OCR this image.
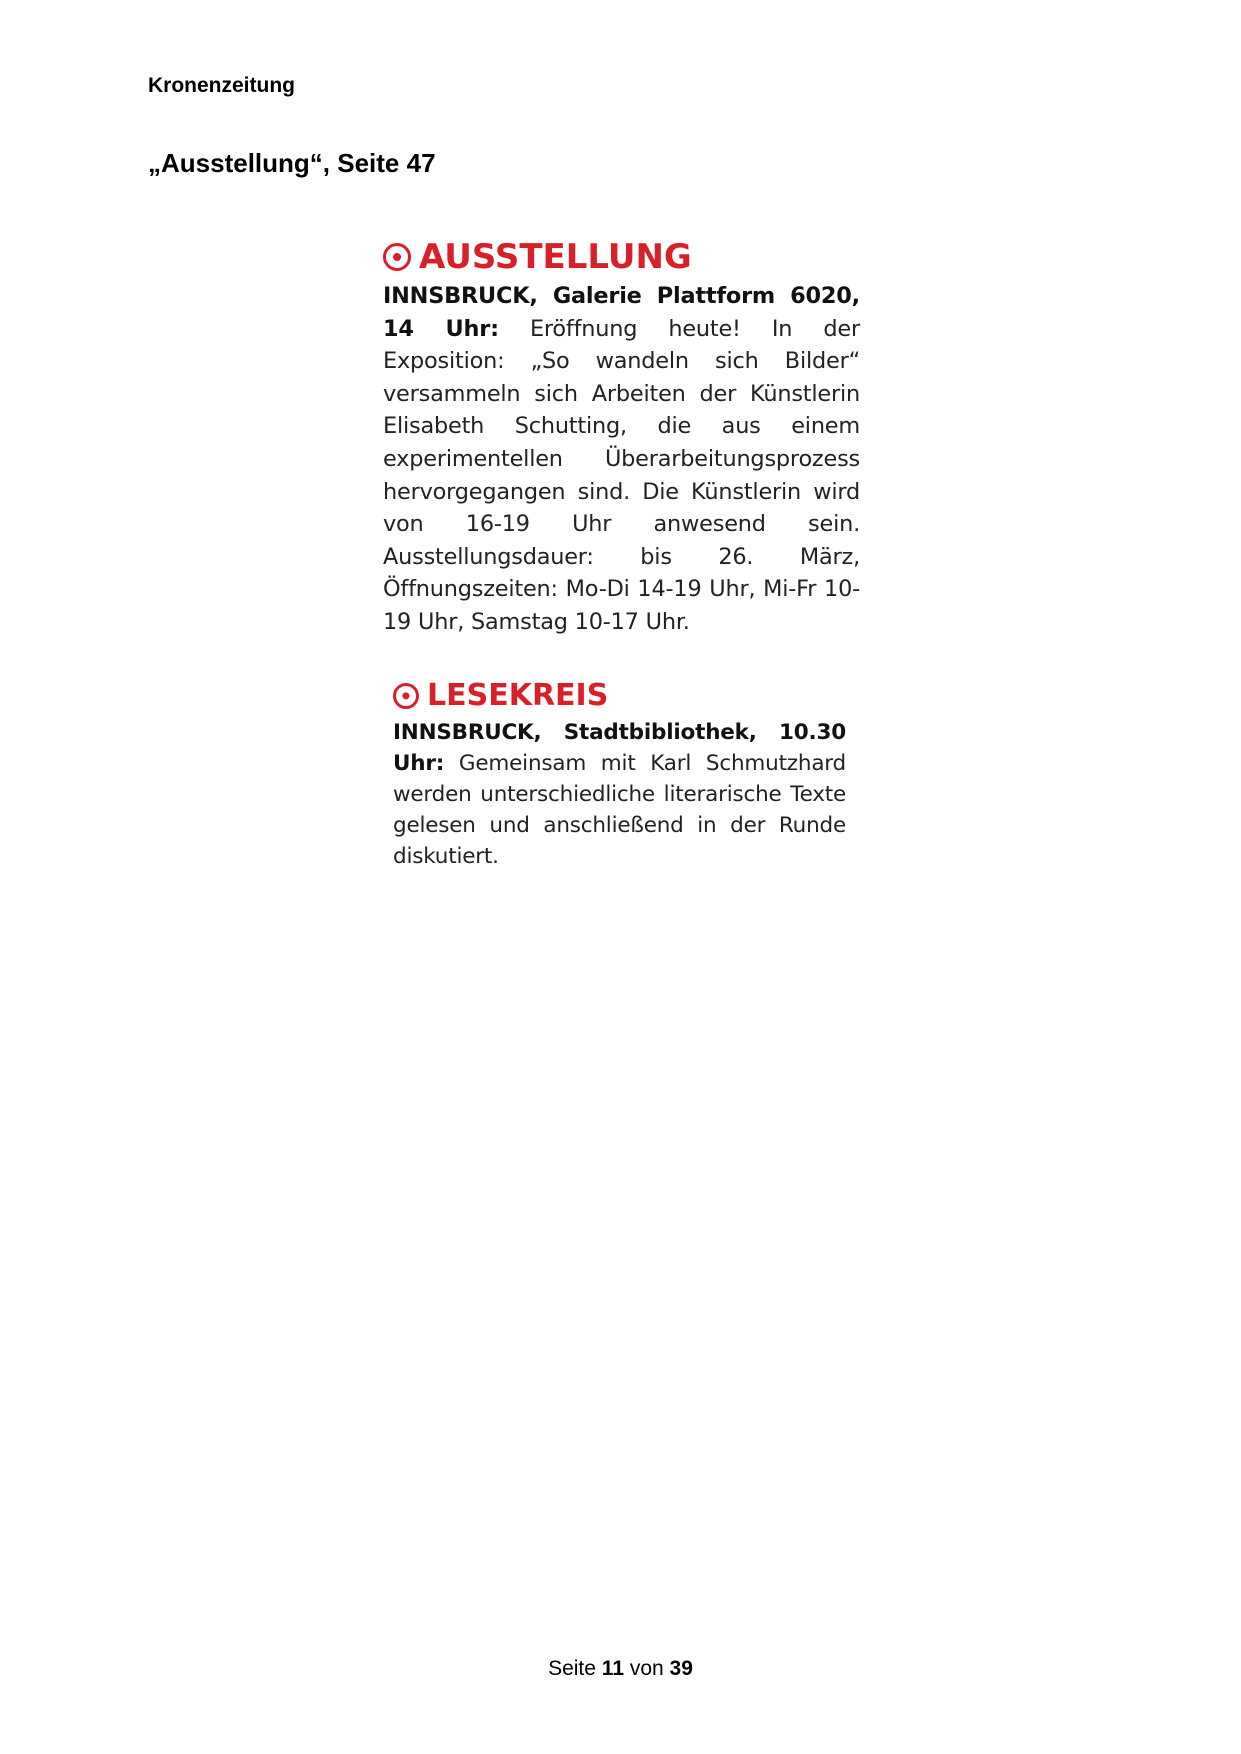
Kronenzeitung
„Ausstellung“, Seite 47
AUSSTELLUNG
INNSBRUCK, Galerie Plattform 6020, 14 Uhr: Eröffnung heute! In der Exposition: „So wandeln sich Bilder“ versammeln sich Arbeiten der Künstlerin Elisabeth Schutting, die aus einem experimentellen Überarbeitungsprozess hervorgegangen sind. Die Künstlerin wird von 16-19 Uhr anwesend sein. Ausstellungsdauer: bis 26. März, Öffnungszeiten: Mo-Di 14-19 Uhr, Mi-Fr 10-19 Uhr, Samstag 10-17 Uhr.
LESEKREIS
INNSBRUCK, Stadtbibliothek, 10.30 Uhr: Gemeinsam mit Karl Schmutzhard werden unterschiedliche literarische Texte gelesen und anschließend in der Runde diskutiert.
Seite 11 von 39
